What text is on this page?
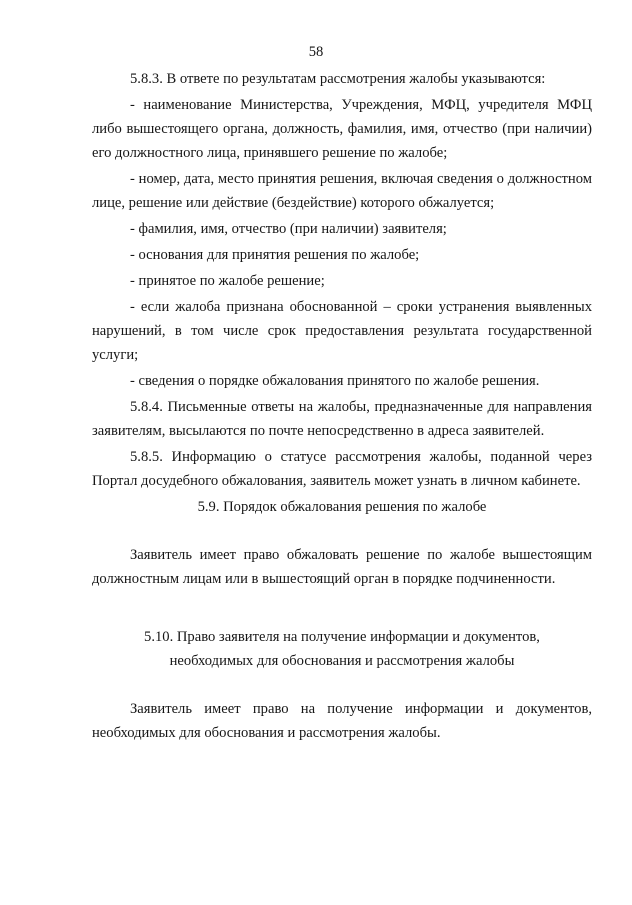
58

5.8.3. В ответе по результатам рассмотрения жалобы указываются:

- наименование Министерства, Учреждения, МФЦ, учредителя МФЦ либо вышестоящего органа, должность, фамилия, имя, отчество (при наличии) его должностного лица, принявшего решение по жалобе;

- номер, дата, место принятия решения, включая сведения о должностном лице, решение или действие (бездействие) которого обжалуется;

- фамилия, имя, отчество (при наличии) заявителя;

- основания для принятия решения по жалобе;

- принятое по жалобе решение;

- если жалоба признана обоснованной – сроки устранения выявленных нарушений, в том числе срок предоставления результата государственной услуги;

- сведения о порядке обжалования принятого по жалобе решения.

5.8.4. Письменные ответы на жалобы, предназначенные для направления заявителям, высылаются по почте непосредственно в адреса заявителей.

5.8.5. Информацию о статусе рассмотрения жалобы, поданной через Портал досудебного обжалования, заявитель может узнать в личном кабинете.

5.9. Порядок обжалования решения по жалобе

Заявитель имеет право обжаловать решение по жалобе вышестоящим должностным лицам или в вышестоящий орган в порядке подчиненности.

5.10. Право заявителя на получение информации и документов,
необходимых для обоснования и рассмотрения жалобы

Заявитель имеет право на получение информации и документов, необходимых для обоснования и рассмотрения жалобы.
